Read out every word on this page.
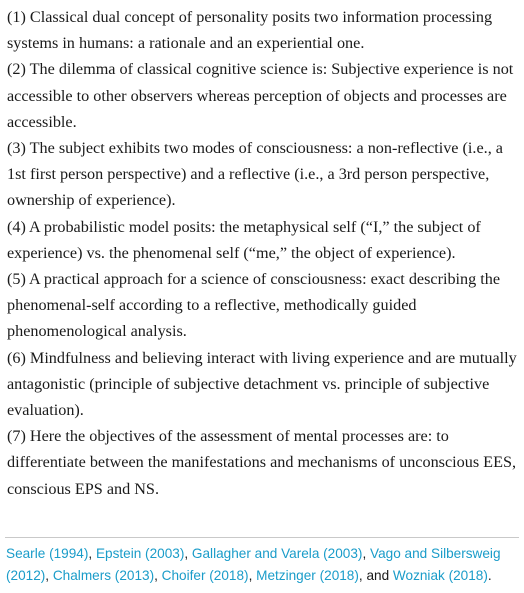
(1) Classical dual concept of personality posits two information processing systems in humans: a rationale and an experiential one.

(2) The dilemma of classical cognitive science is: Subjective experience is not accessible to other observers whereas perception of objects and processes are accessible.

(3) The subject exhibits two modes of consciousness: a non-reflective (i.e., a 1st first person perspective) and a reflective (i.e., a 3rd person perspective, ownership of experience).

(4) A probabilistic model posits: the metaphysical self (“I,” the subject of experience) vs. the phenomenal self (“me,” the object of experience).

(5) A practical approach for a science of consciousness: exact describing the phenomenal-self according to a reflective, methodically guided phenomenological analysis.

(6) Mindfulness and believing interact with living experience and are mutually antagonistic (principle of subjective detachment vs. principle of subjective evaluation).

(7) Here the objectives of the assessment of mental processes are: to differentiate between the manifestations and mechanisms of unconscious EES, conscious EPS and NS.

Searle (1994), Epstein (2003), Gallagher and Varela (2003), Vago and Silbersweig (2012), Chalmers (2013), Choifer (2018), Metzinger (2018), and Wozniak (2018).
